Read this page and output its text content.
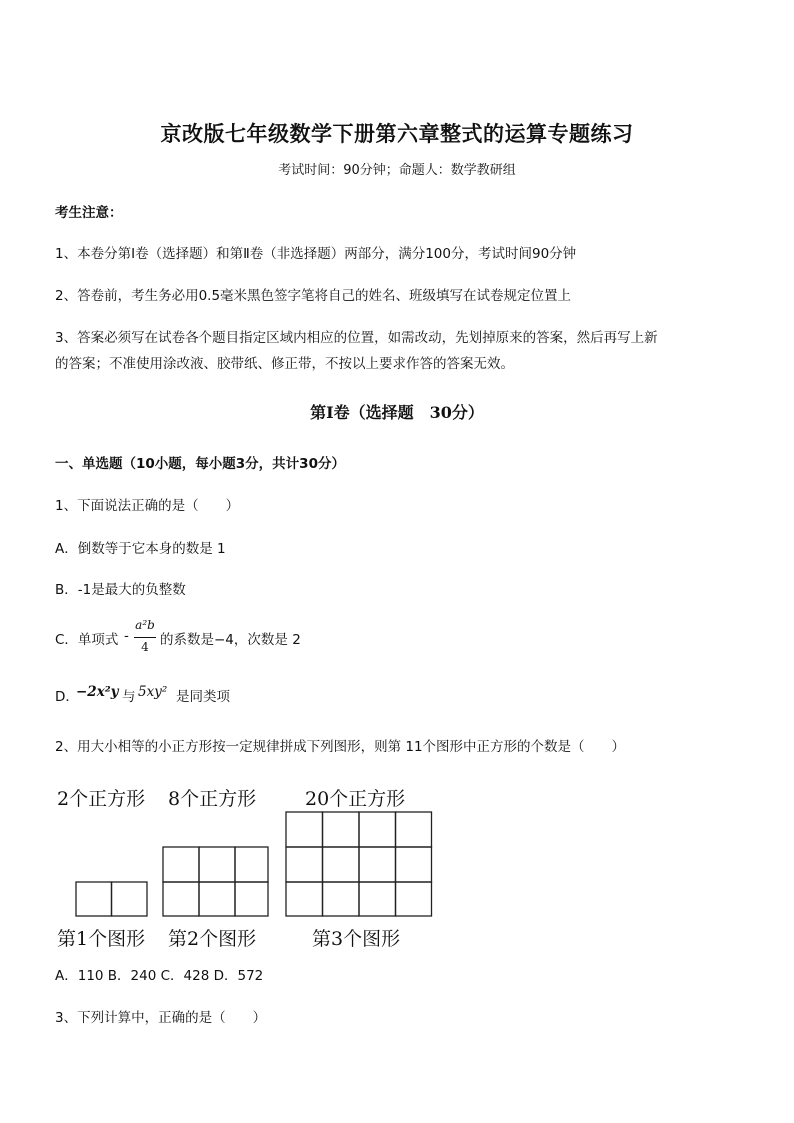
京改版七年级数学下册第六章整式的运算专题练习
考试时间：90分钟；命题人：数学教研组
考生注意：
1、本卷分第Ⅰ卷（选择题）和第Ⅱ卷（非选择题）两部分，满分100分，考试时间90分钟
2、答卷前，考生务必用0.5毫米黑色签字笔将自己的姓名、班级填写在试卷规定位置上
3、答案必须写在试卷各个题目指定区域内相应的位置，如需改动，先划掉原来的答案，然后再写上新
的答案；不准使用涂改液、胶带纸、修正带，不按以上要求作答的答案无效。
第Ⅰ卷（选择题　30分）
一、单选题（10小题，每小题3分，共计30分）
1、下面说法正确的是（　　）
A．倒数等于它本身的数是 1
B．-1是最大的负整数
C．单项式 -
a²b
4 的系数是−4，次数是 2
D．
−2x²y 与 5xy² 是同类项
2、用大小相等的小正方形按一定规律拼成下列图形，则第 11个图形中正方形的个数是（　　）
2个正方形 8个正方形	20个正方形
第1个图形 第2个图形	第3个图形
A．110 B．240 C．428 D．572
3、下列计算中，正确的是（　　）
